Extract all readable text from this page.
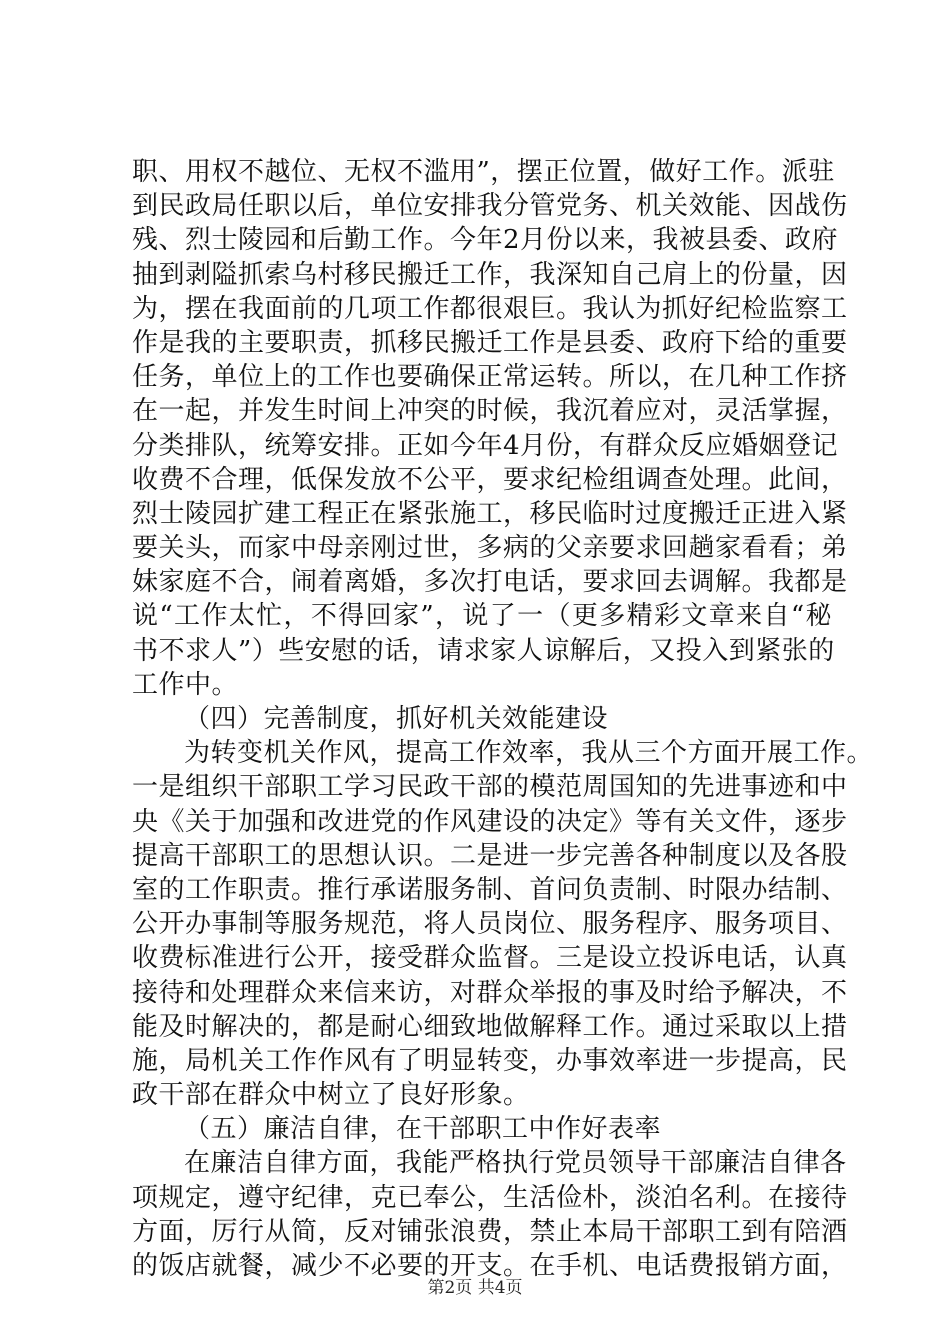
职、用权不越位、无权不滥用”，摆正位置，做好工作。派驻
到民政局任职以后，单位安排我分管党务、机关效能、因战伤
残、烈士陵园和后勤工作。今年2月份以来，我被县委、政府
抽到剥隘抓索乌村移民搬迁工作，我深知自己肩上的份量，因
为，摆在我面前的几项工作都很艰巨。我认为抓好纪检监察工
作是我的主要职责，抓移民搬迁工作是县委、政府下给的重要
任务，单位上的工作也要确保正常运转。所以，在几种工作挤
在一起，并发生时间上冲突的时候，我沉着应对，灵活掌握，
分类排队，统筹安排。正如今年4月份，有群众反应婚姻登记
收费不合理，低保发放不公平，要求纪检组调查处理。此间，
烈士陵园扩建工程正在紧张施工，移民临时过度搬迁正进入紧
要关头，而家中母亲刚过世，多病的父亲要求回趟家看看；弟
妹家庭不合，闹着离婚，多次打电话，要求回去调解。我都是
说“工作太忙，不得回家”，说了一（更多精彩文章来自“秘
书不求人”）些安慰的话，请求家人谅解后，又投入到紧张的
工作中。
（四）完善制度，抓好机关效能建设
为转变机关作风，提高工作效率，我从三个方面开展工作。
一是组织干部职工学习民政干部的模范周国知的先进事迹和中
央《关于加强和改进党的作风建设的决定》等有关文件，逐步
提高干部职工的思想认识。二是进一步完善各种制度以及各股
室的工作职责。推行承诺服务制、首问负责制、时限办结制、
公开办事制等服务规范，将人员岗位、服务程序、服务项目、
收费标准进行公开，接受群众监督。三是设立投诉电话，认真
接待和处理群众来信来访，对群众举报的事及时给予解决，不
能及时解决的，都是耐心细致地做解释工作。通过采取以上措
施，局机关工作作风有了明显转变，办事效率进一步提高，民
政干部在群众中树立了良好形象。
（五）廉洁自律，在干部职工中作好表率
在廉洁自律方面，我能严格执行党员领导干部廉洁自律各
项规定，遵守纪律，克已奉公，生活俭朴，淡泊名利。在接待
方面，厉行从简，反对铺张浪费，禁止本局干部职工到有陪酒
的饭店就餐，减少不必要的开支。在手机、电话费报销方面，
第2页 共4页
